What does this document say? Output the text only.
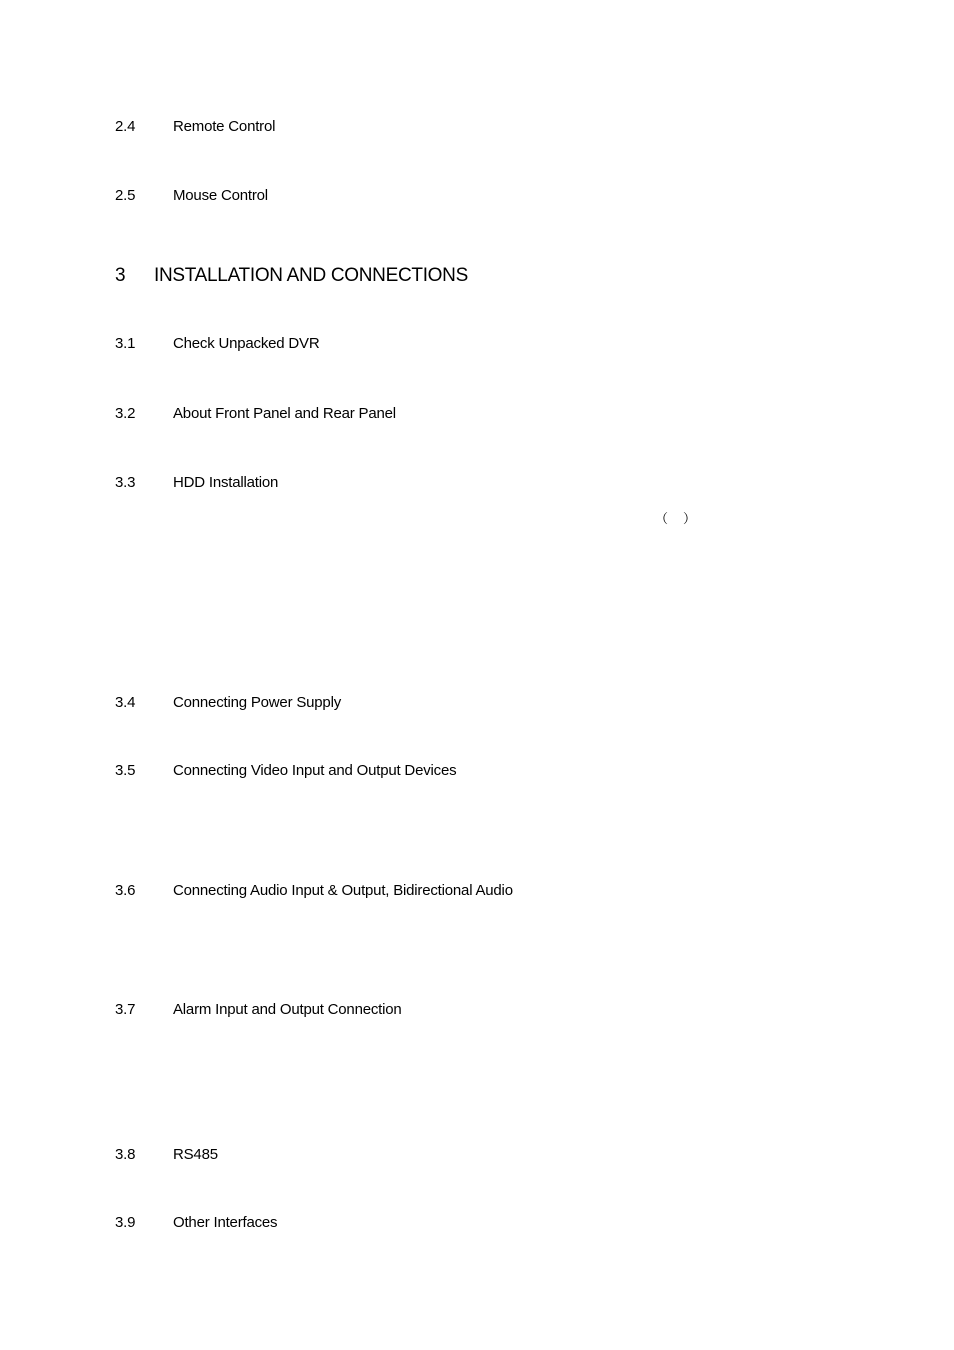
2.4	Remote Control
2.5	Mouse Control
3 INSTALLATION AND CONNECTIONS
3.1	Check Unpacked DVR
3.2	About Front Panel and Rear Panel
3.3	HDD Installation
（ ）
3.4	Connecting Power Supply
3.5	Connecting Video Input and Output Devices
3.6	Connecting Audio Input & Output, Bidirectional Audio
3.7	Alarm Input and Output Connection
3.8	RS485
3.9	Other Interfaces
